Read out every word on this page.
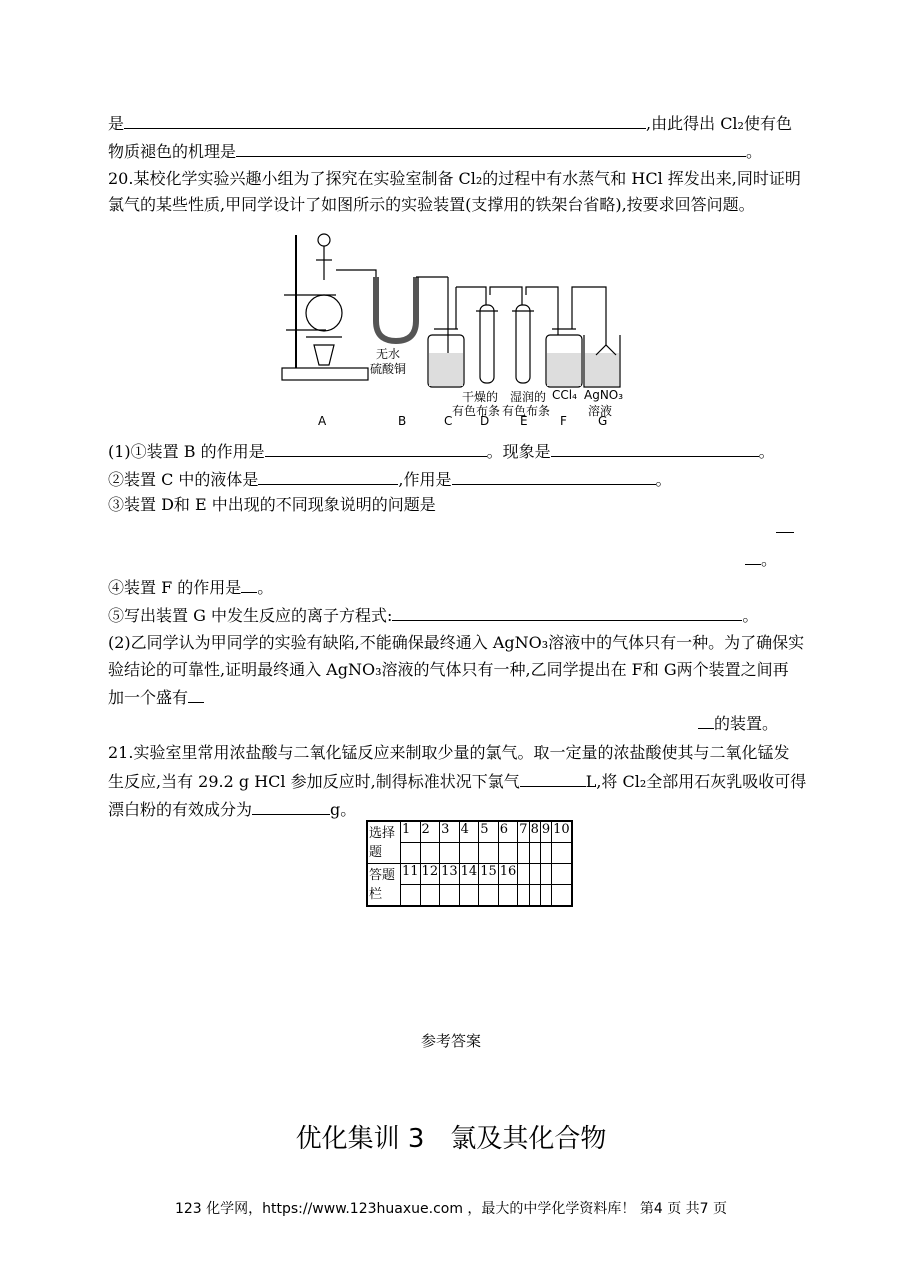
是	,由此得出 Cl₂使有色
物质褪色的机理是	。
20.某校化学实验兴趣小组为了探究在实验室制备 Cl₂的过程中有水蒸气和 HCl 挥发出来,同时证明
氯气的某些性质,甲同学设计了如图所示的实验装置(支撑用的铁架台省略),按要求回答问题。
无水
硫酸铜
干燥的
有色布条
湿润的
有色布条
CCl₄ AgNO₃
溶液
A	B	C D	E	F	G
(1)①装置 B 的作用是	。现象是	。
②装置 C 中的液体是	,作用是	。
③装置 D和 E 中出现的不同现象说明的问题是
。
④装置 F 的作用是 。
⑤写出装置 G 中发生反应的离子方程式:	。
(2)乙同学认为甲同学的实验有缺陷,不能确保最终通入 AgNO₃溶液中的气体只有一种。为了确保实
验结论的可靠性,证明最终通入 AgNO₃溶液的气体只有一种,乙同学提出在 F和 G两个装置之间再
加一个盛有
的装置。
21.实验室里常用浓盐酸与二氧化锰反应来制取少量的氯气。取一定量的浓盐酸使其与二氧化锰发
生反应,当有 29.2 g HCl 参加反应时,制得标准状况下氯气	L,将 Cl₂全部用石灰乳吸收可得
漂白粉的有效成分为	g。
选择题	1	2	3	4	5	6	7	8	9	10

答题栏	11	12	13	14	15	16				

参考答案
优化集训 3　氯及其化合物
123 化学网，https://www.123huaxue.com ，最大的中学化学资料库！ 第4 页 共7 页
